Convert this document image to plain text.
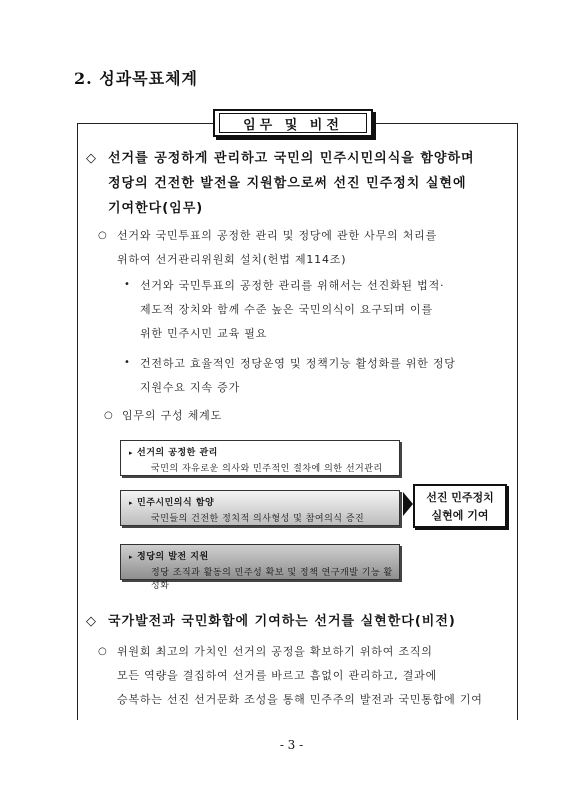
2. 성과목표체계
임무 및 비전
◇ 선거를 공정하게 관리하고 국민의 민주시민의식을 함양하며
정당의 건전한 발전을 지원함으로써 선진 민주정치 실현에
기여한다(임무)
○ 선거와 국민투표의 공정한 관리 및 정당에 관한 사무의 처리를
위하여 선거관리위원회 설치(헌법 제114조)
• 선거와 국민투표의 공정한 관리를 위해서는 선진화된 법적·
제도적 장치와 함께 수준 높은 국민의식이 요구되며 이를
위한 민주시민 교육 필요
• 건전하고 효율적인 정당운영 및 정책기능 활성화를 위한 정당
지원수요 지속 증가
○ 임무의 구성 체계도
▸ 선거의 공정한 관리
국민의 자유로운 의사와 민주적인 절차에 의한 선거관리
▸ 민주시민의식 함양
국민들의 건전한 정치적 의사형성 및 참여의식 증진
▸ 정당의 발전 지원
정당 조직과 활동의 민주성 확보 및 정책 연구개발 기능 활성화
선진 민주정치
실현에 기여
◇ 국가발전과 국민화합에 기여하는 선거를 실현한다(비전)
○ 위원회 최고의 가치인 선거의 공정을 확보하기 위하여 조직의
모든 역량을 결집하여 선거를 바르고 흠없이 관리하고, 결과에
승복하는 선진 선거문화 조성을 통해 민주주의 발전과 국민통합에 기여
- 3 -
